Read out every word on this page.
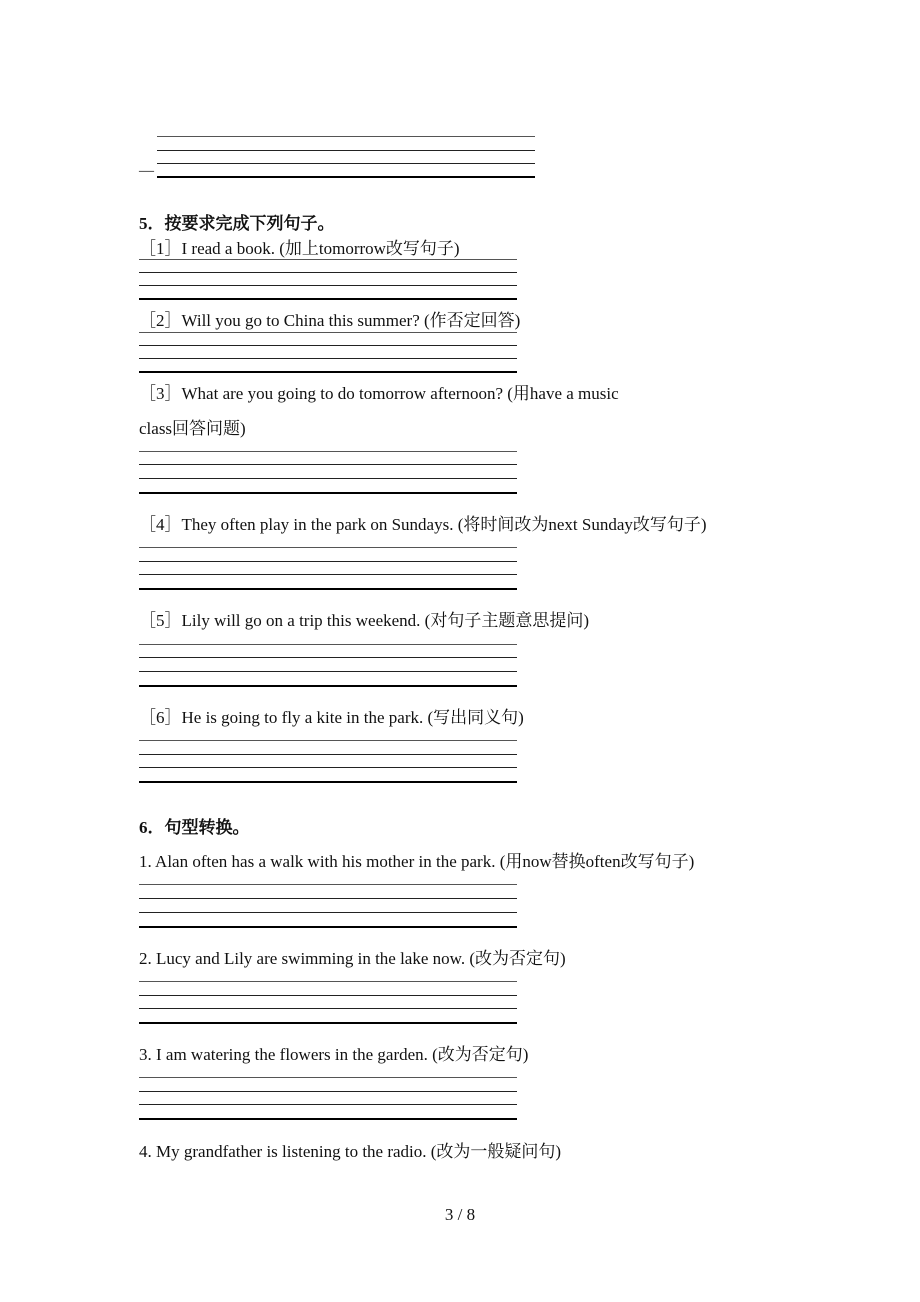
—
5．按要求完成下列句子。
［1］I read a book. (加上tomorrow改写句子)
［2］Will you go to China this summer? (作否定回答)
［3］What are you going to do tomorrow afternoon? (用have a music
class回答问题)
［4］They often play in the park on Sundays. (将时间改为next Sunday改写句子)
［5］Lily will go on a trip this weekend. (对句子主题意思提问)
［6］He is going to fly a kite in the park. (写出同义句)
6．句型转换。
1. Alan often has a walk with his mother in the park. (用now替换often改写句子)
2. Lucy and Lily are swimming in the lake now. (改为否定句)
3. I am watering the flowers in the garden. (改为否定句)
4. My grandfather is listening to the radio. (改为一般疑问句)
3 / 8
